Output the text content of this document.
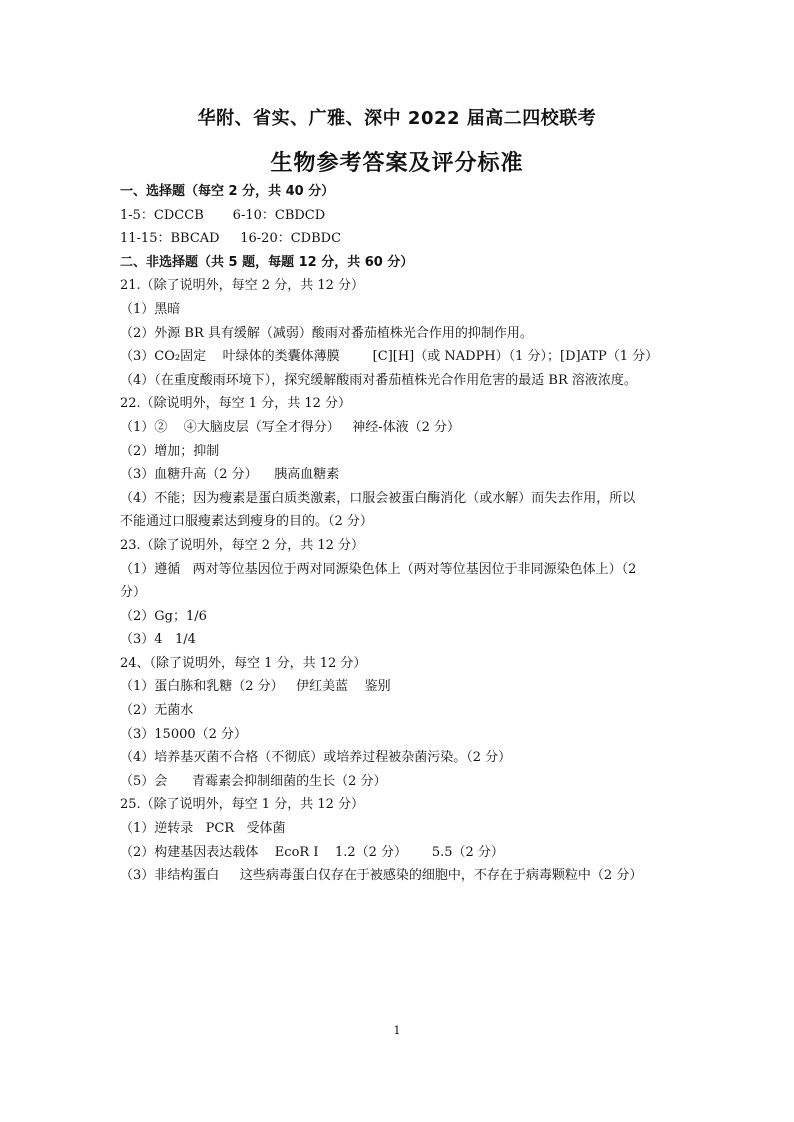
华附、省实、广雅、深中 2022 届高二四校联考
生物参考答案及评分标准
一、选择题（每空 2 分，共 40 分）
1-5：CDCCB       6-10：CBDCD
11-15：BBCAD     16-20：CDBDC
二、非选择题（共 5 题，每题 12 分，共 60 分）
21.（除了说明外，每空 2 分，共 12 分）
（1）黑暗
（2）外源 BR 具有缓解（减弱）酸雨对番茄植株光合作用的抑制作用。
（3）CO₂固定    叶绿体的类囊体薄膜        [C][H]（或 NADPH）（1 分）；[D]ATP（1 分）
（4）（在重度酸雨环境下），探究缓解酸雨对番茄植株光合作用危害的最适 BR 溶液浓度。
22.（除说明外，每空 1 分，共 12 分）
（1）②    ④大脑皮层（写全才得分）   神经-体液（2 分）
（2）增加；抑制
（3）血糖升高（2 分）    胰高血糖素
（4）不能；因为瘦素是蛋白质类激素，口服会被蛋白酶消化（或水解）而失去作用，所以
不能通过口服瘦素达到瘦身的目的。（2 分）
23.（除了说明外，每空 2 分，共 12 分）
（1）遵循   两对等位基因位于两对同源染色体上（两对等位基因位于非同源染色体上）（2
分）
（2）Gg；1/6
（3）4   1/4
24、（除了说明外，每空 1 分，共 12 分）
（1）蛋白胨和乳糖（2 分）   伊红美蓝    鉴别
（2）无菌水
（3）15000（2 分）
（4）培养基灭菌不合格（不彻底）或培养过程被杂菌污染。（2 分）
（5）会      青霉素会抑制细菌的生长（2 分）
25.（除了说明外，每空 1 分，共 12 分）
（1）逆转录   PCR   受体菌
（2）构建基因表达载体    EcoR I    1.2（2 分）      5.5（2 分）
（3）非结构蛋白     这些病毒蛋白仅存在于被感染的细胞中，不存在于病毒颗粒中（2 分）
1
